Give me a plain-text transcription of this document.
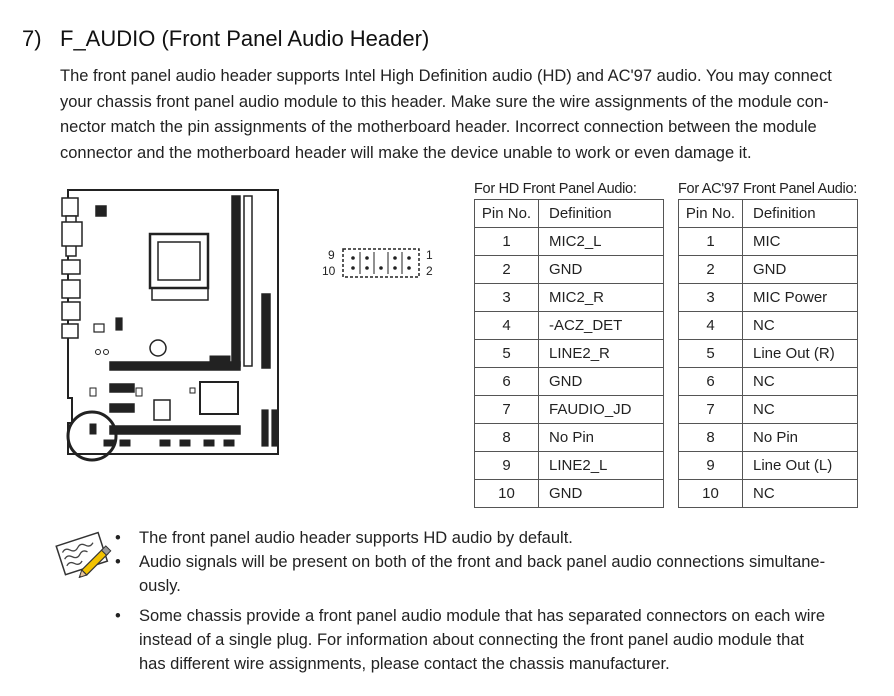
7) F_AUDIO (Front Panel Audio Header)
The front panel audio header supports Intel High Definition audio (HD) and AC'97 audio. You may connect
your chassis front panel audio module to this header. Make sure the wire assignments of the module con-
nector match the pin assignments of the motherboard header. Incorrect connection between the module
connector and the motherboard header will make the device unable to work or even damage it.
9
10
1
2
For HD Front Panel Audio:
Pin No.	Definition
1	MIC2_L
2	GND
3	MIC2_R
4	-ACZ_DET
5	LINE2_R
6	GND
7	FAUDIO_JD
8	No Pin
9	LINE2_L
10	GND
For AC'97 Front Panel Audio:
Pin No.	Definition
1	MIC
2	GND
3	MIC Power
4	NC
5	Line Out (R)
6	NC
7	NC
8	No Pin
9	Line Out (L)
10	NC
• The front panel audio header supports HD audio by default.
• Audio signals will be present on both of the front and back panel audio connections simultane-
ously.
• Some chassis provide a front panel audio module that has separated connectors on each wire
instead of a single plug. For information about connecting the front panel audio module that
has different wire assignments, please contact the chassis manufacturer.
